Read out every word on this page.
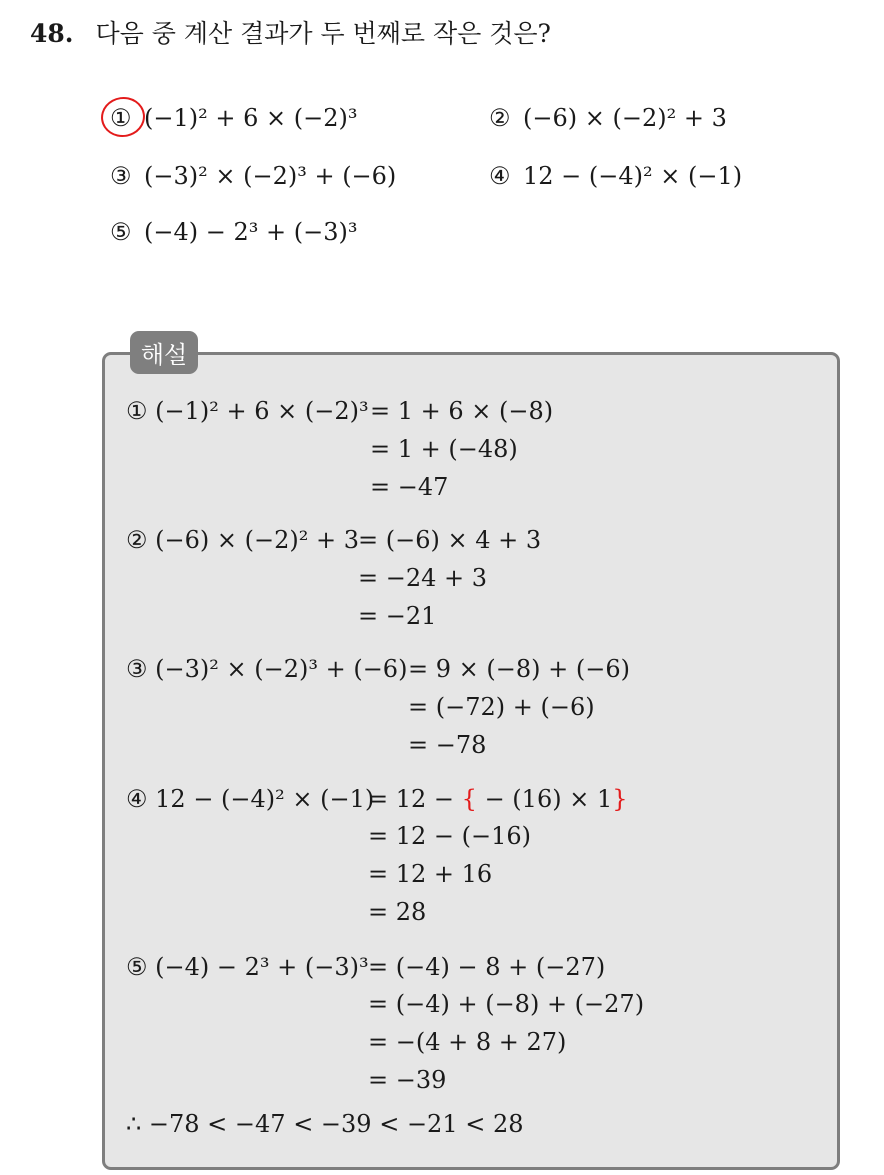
48. 다음 중 계산 결과가 두 번째로 작은 것은?
① (−1)² + 6 × (−2)³	② (−6) × (−2)² + 3
③ (−3)² × (−2)³ + (−6)	④ 12 − (−4)² × (−1)
⑤ (−4) − 2³ + (−3)³
해설
① (−1)² + 6 × (−2)³ = 1 + 6 × (−8)
= 1 + (−48)
= −47
② (−6) × (−2)² + 3 = (−6) × 4 + 3
= −24 + 3
= −21
③ (−3)² × (−2)³ + (−6) = 9 × (−8) + (−6)
= (−72) + (−6)
= −78
④ 12 − (−4)² × (−1)
= 12 − { − (16) × 1}
= 12 − (−16)
= 12 + 16
= 28
⑤ (−4) − 2³ + (−3)³ = (−4) − 8 + (−27)
= (−4) + (−8) + (−27)
= −(4 + 8 + 27)
= −39
∴ −78 < −47 < −39 < −21 < 28
